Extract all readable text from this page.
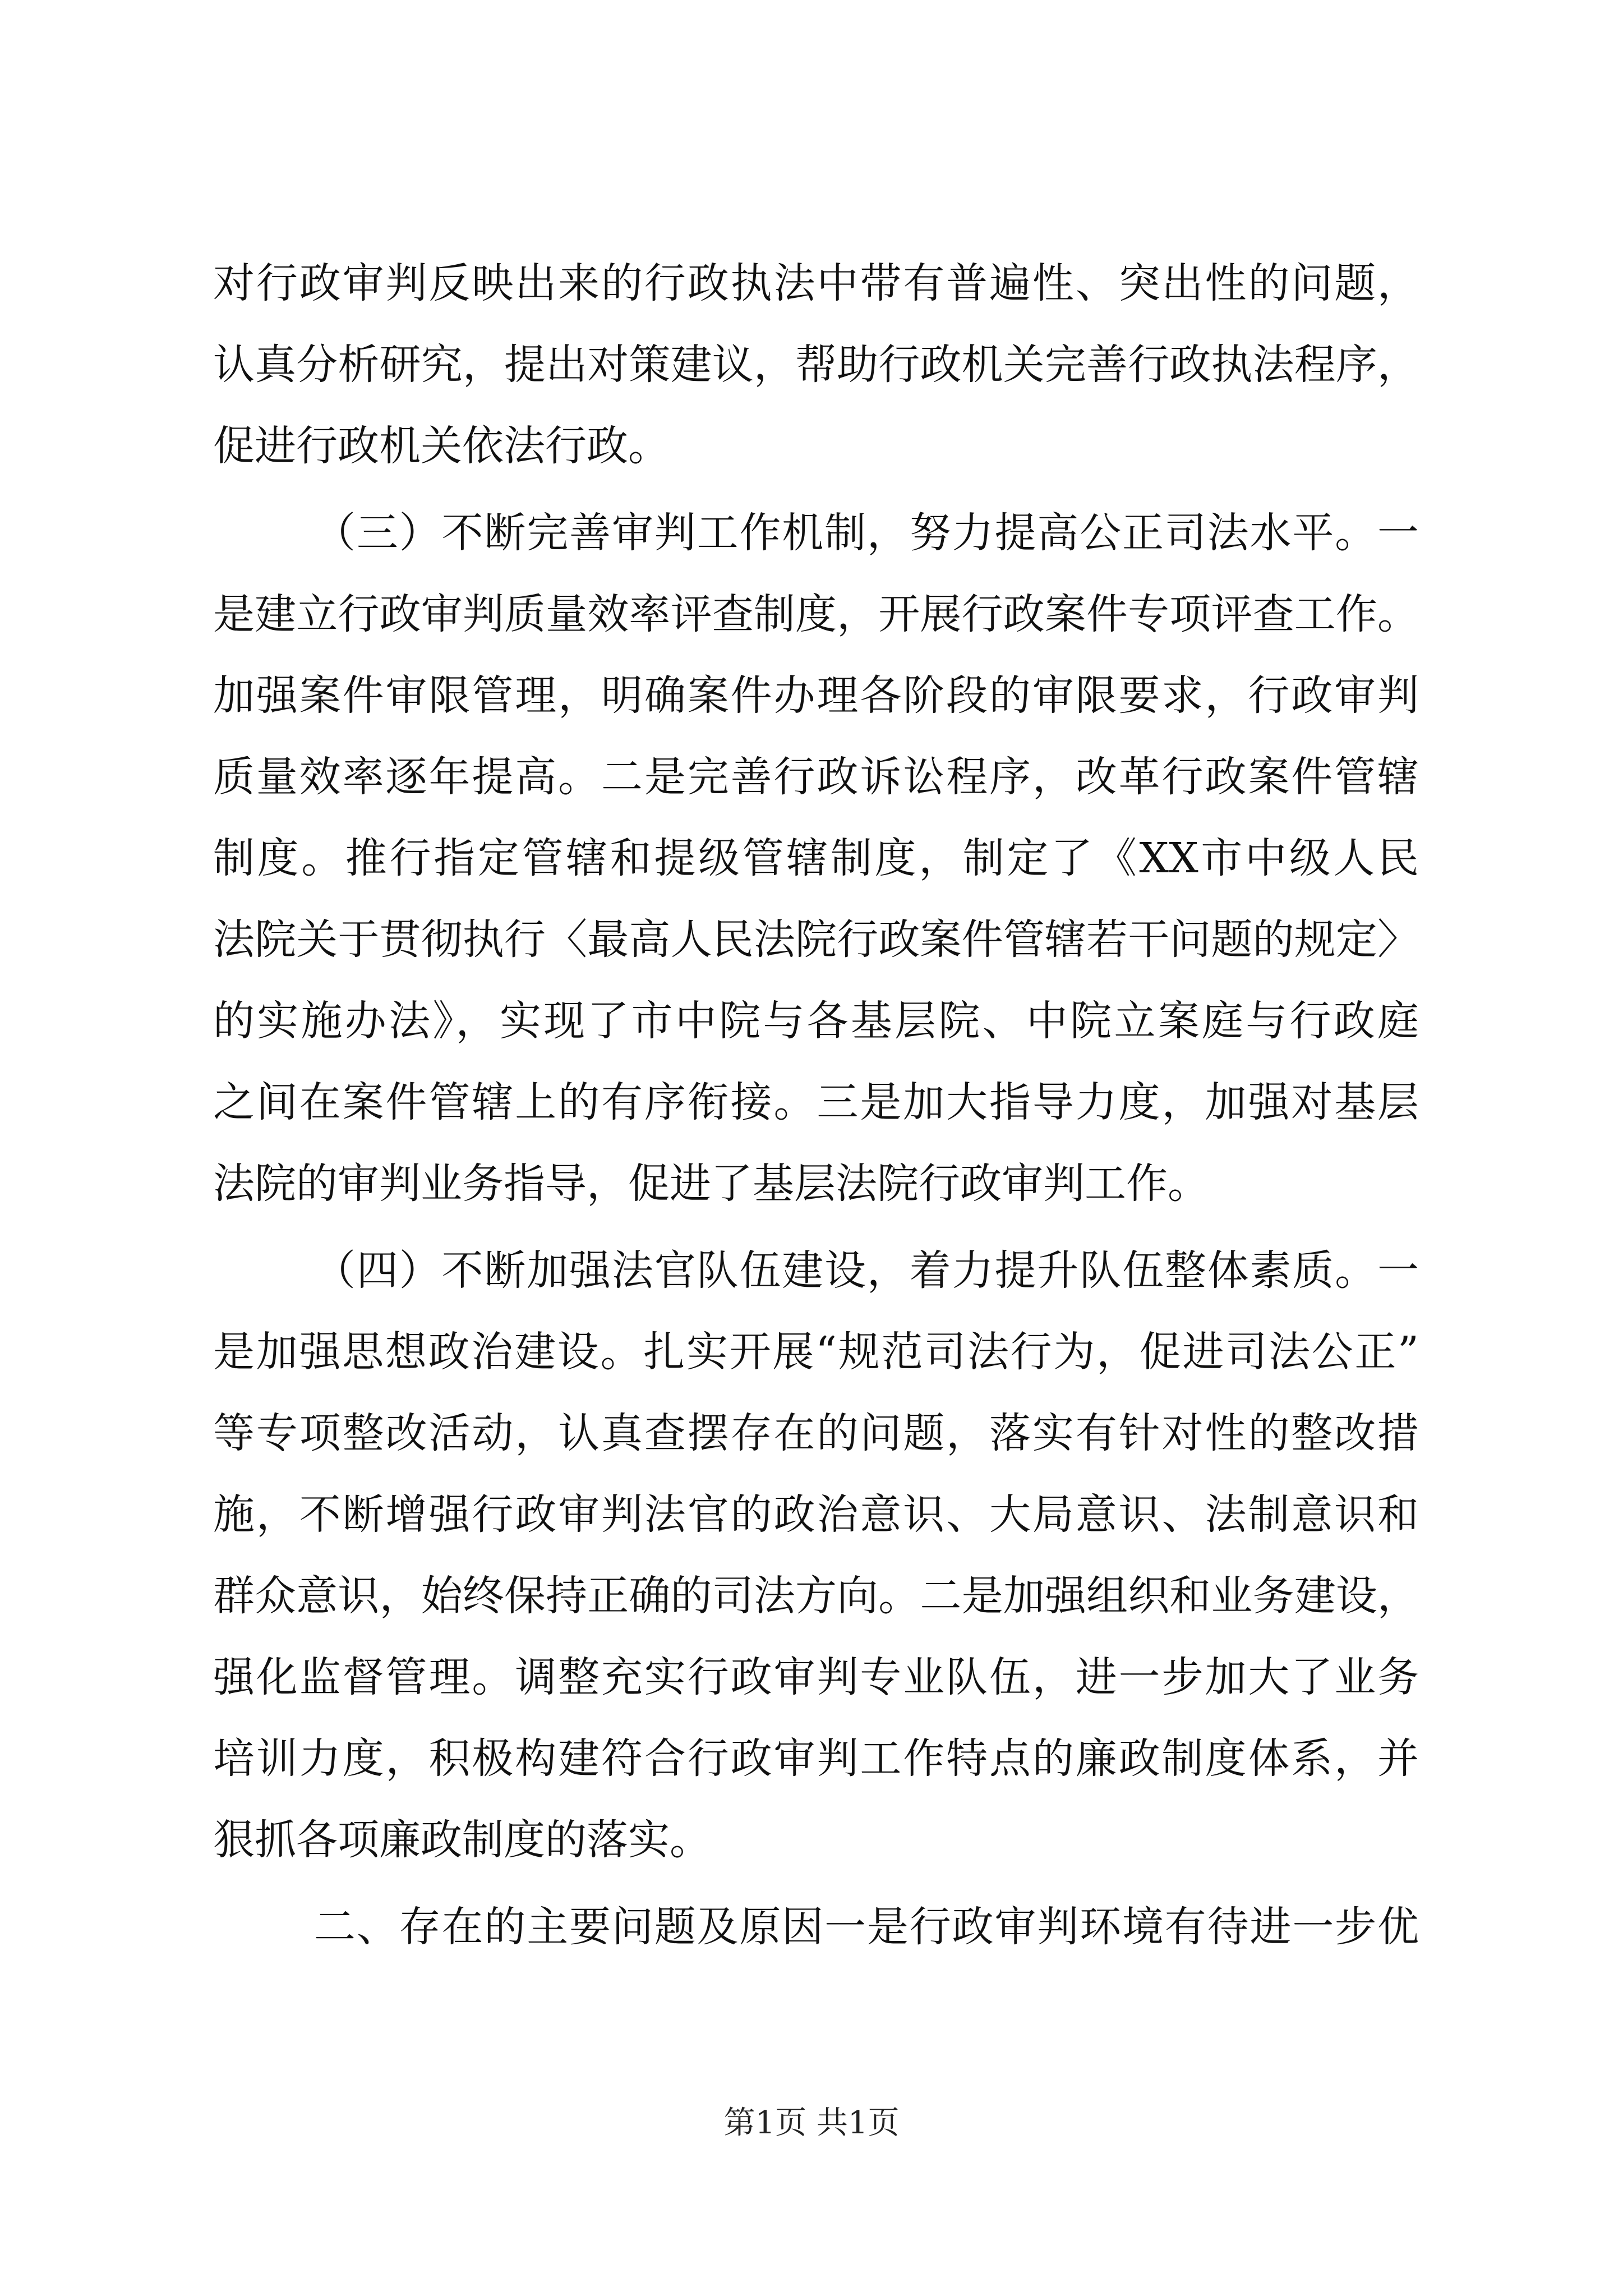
对行政审判反映出来的行政执法中带有普遍性、突出性的问题，
认真分析研究，提出对策建议，帮助行政机关完善行政执法程序，
促进行政机关依法行政。
（三）不断完善审判工作机制，努力提高公正司法水平。一
是建立行政审判质量效率评查制度，开展行政案件专项评查工作。
加强案件审限管理，明确案件办理各阶段的审限要求，行政审判
质量效率逐年提高。二是完善行政诉讼程序，改革行政案件管辖
制度。推行指定管辖和提级管辖制度，制定了《XX市中级人民
法院关于贯彻执行〈最高人民法院行政案件管辖若干问题的规定〉
的实施办法》，实现了市中院与各基层院、中院立案庭与行政庭
之间在案件管辖上的有序衔接。三是加大指导力度，加强对基层
法院的审判业务指导，促进了基层法院行政审判工作。
（四）不断加强法官队伍建设，着力提升队伍整体素质。一
是加强思想政治建设。扎实开展“规范司法行为，促进司法公正”
等专项整改活动，认真查摆存在的问题，落实有针对性的整改措
施，不断增强行政审判法官的政治意识、大局意识、法制意识和
群众意识，始终保持正确的司法方向。二是加强组织和业务建设，
强化监督管理。调整充实行政审判专业队伍，进一步加大了业务
培训力度，积极构建符合行政审判工作特点的廉政制度体系，并
狠抓各项廉政制度的落实。
二、存在的主要问题及原因一是行政审判环境有待进一步优
第1页 共1页
